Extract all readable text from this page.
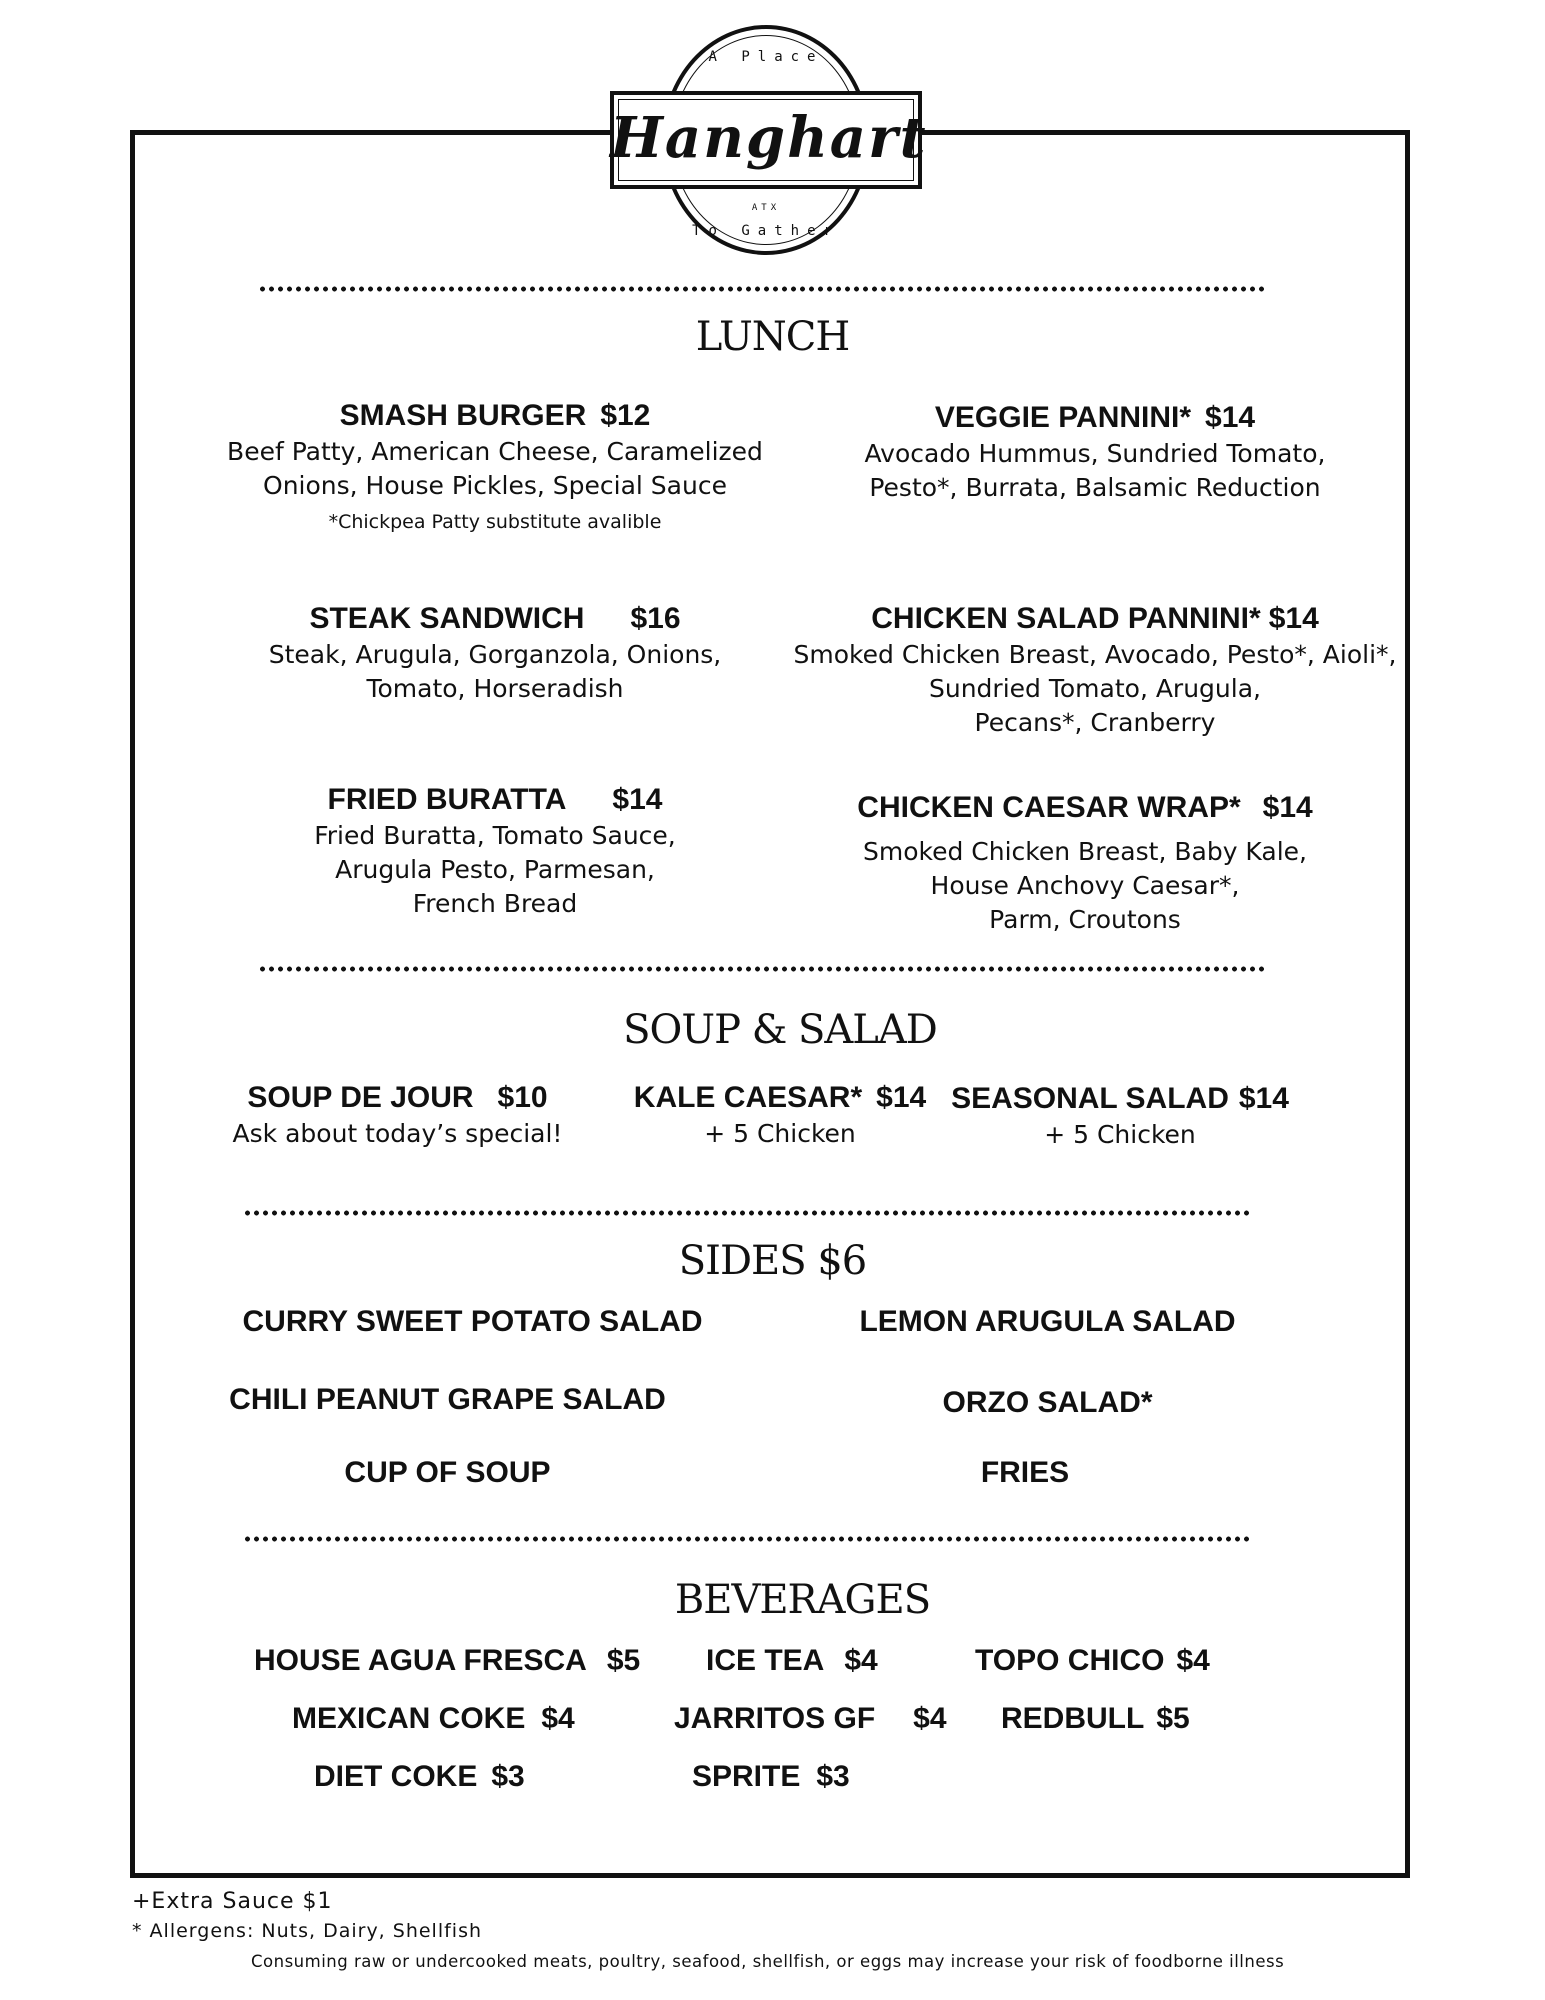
A Place
Hanghart
ATX
To Gather
LUNCH
SMASH BURGER $12
Beef Patty, American Cheese, Caramelized
Onions, House Pickles, Special Sauce
*Chickpea Patty substitute avalible
VEGGIE PANNINI* $14
Avocado Hummus, Sundried Tomato,
Pesto*, Burrata, Balsamic Reduction
STEAK SANDWICH $16
Steak, Arugula, Gorganzola, Onions,
Tomato, Horseradish
CHICKEN SALAD PANNINI* $14
Smoked Chicken Breast, Avocado, Pesto*, Aioli*,
Sundried Tomato, Arugula,
Pecans*, Cranberry
FRIED BURATTA $14
Fried Buratta, Tomato Sauce,
Arugula Pesto, Parmesan,
French Bread
CHICKEN CAESAR WRAP* $14
Smoked Chicken Breast, Baby Kale,
House Anchovy Caesar*,
Parm, Croutons
SOUP & SALAD
SOUP DE JOUR $10
Ask about today’s special!
KALE CAESAR* $14
+ 5 Chicken
SEASONAL SALAD $14
+ 5 Chicken
SIDES $6
CURRY SWEET POTATO SALAD	LEMON ARUGULA SALAD
CHILI PEANUT GRAPE SALAD	ORZO SALAD*
CUP OF SOUP	FRIES
BEVERAGES
HOUSE AGUA FRESCA $5 ICE TEA $4	TOPO CHICO $4
MEXICAN COKE $4	JARRITOS GF $4 REDBULL $5
DIET COKE $3	SPRITE $3
+Extra Sauce $1
* Allergens: Nuts, Dairy, Shellfish
Consuming raw or undercooked meats, poultry, seafood, shellfish, or eggs may increase your risk of foodborne illness
